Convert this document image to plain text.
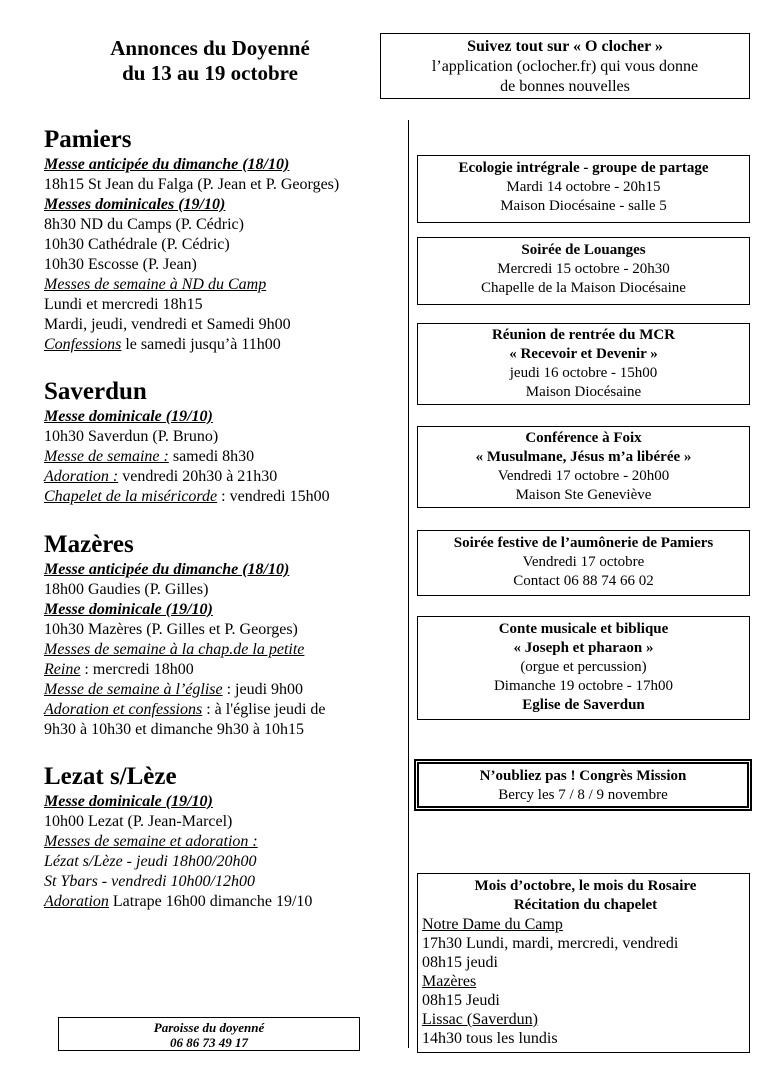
Annonces du Doyenné
du 13 au 19 octobre
Suivez tout sur « O clocher »
l’application (oclocher.fr) qui vous donne
de bonnes nouvelles
Pamiers
Messe anticipée du dimanche (18/10)
18h15 St Jean du Falga (P. Jean et P. Georges)
Messes dominicales (19/10)
8h30 ND du Camps (P. Cédric)
10h30 Cathédrale (P. Cédric)
10h30 Escosse (P. Jean)
Messes de semaine à ND du Camp
Lundi et mercredi 18h15
Mardi, jeudi, vendredi et Samedi 9h00
Confessions le samedi jusqu’à 11h00
Saverdun
Messe dominicale (19/10)
10h30 Saverdun (P. Bruno)
Messe de semaine : samedi 8h30
Adoration : vendredi 20h30 à 21h30
Chapelet de la miséricorde : vendredi 15h00
Mazères
Messe anticipée du dimanche (18/10)
18h00 Gaudies (P. Gilles)
Messe dominicale (19/10)
10h30 Mazères (P. Gilles et P. Georges)
Messes de semaine à la chap.de la petite
Reine : mercredi 18h00
Messe de semaine à l’église : jeudi 9h00
Adoration et confessions : à l'église jeudi de
9h30 à 10h30 et dimanche 9h30 à 10h15
Lezat s/Lèze
Messe dominicale (19/10)
10h00 Lezat (P. Jean-Marcel)
Messes de semaine et adoration :
Lézat s/Lèze - jeudi 18h00/20h00
St Ybars - vendredi 10h00/12h00
Adoration Latrape 16h00 dimanche 19/10
Paroisse du doyenné
06 86 73 49 17
Ecologie intrégrale - groupe de partage
Mardi 14 octobre - 20h15
Maison Diocésaine - salle 5
Soirée de Louanges
Mercredi 15 octobre - 20h30
Chapelle de la Maison Diocésaine
Réunion de rentrée du MCR
« Recevoir et Devenir »
jeudi 16 octobre - 15h00
Maison Diocésaine
Conférence à Foix
« Musulmane, Jésus m’a libérée »
Vendredi 17 octobre - 20h00
Maison Ste Geneviève
Soirée festive de l’aumônerie de Pamiers
Vendredi 17 octobre
Contact 06 88 74 66 02
Conte musicale et biblique
« Joseph et pharaon »
(orgue et percussion)
Dimanche 19 octobre - 17h00
Eglise de Saverdun
N’oubliez pas ! Congrès Mission
Bercy les 7 / 8 / 9 novembre
Mois d’octobre, le mois du Rosaire
Récitation du chapelet
Notre Dame du Camp
17h30 Lundi, mardi, mercredi, vendredi
08h15 jeudi
Mazères
08h15 Jeudi
Lissac (Saverdun)
14h30 tous les lundis
